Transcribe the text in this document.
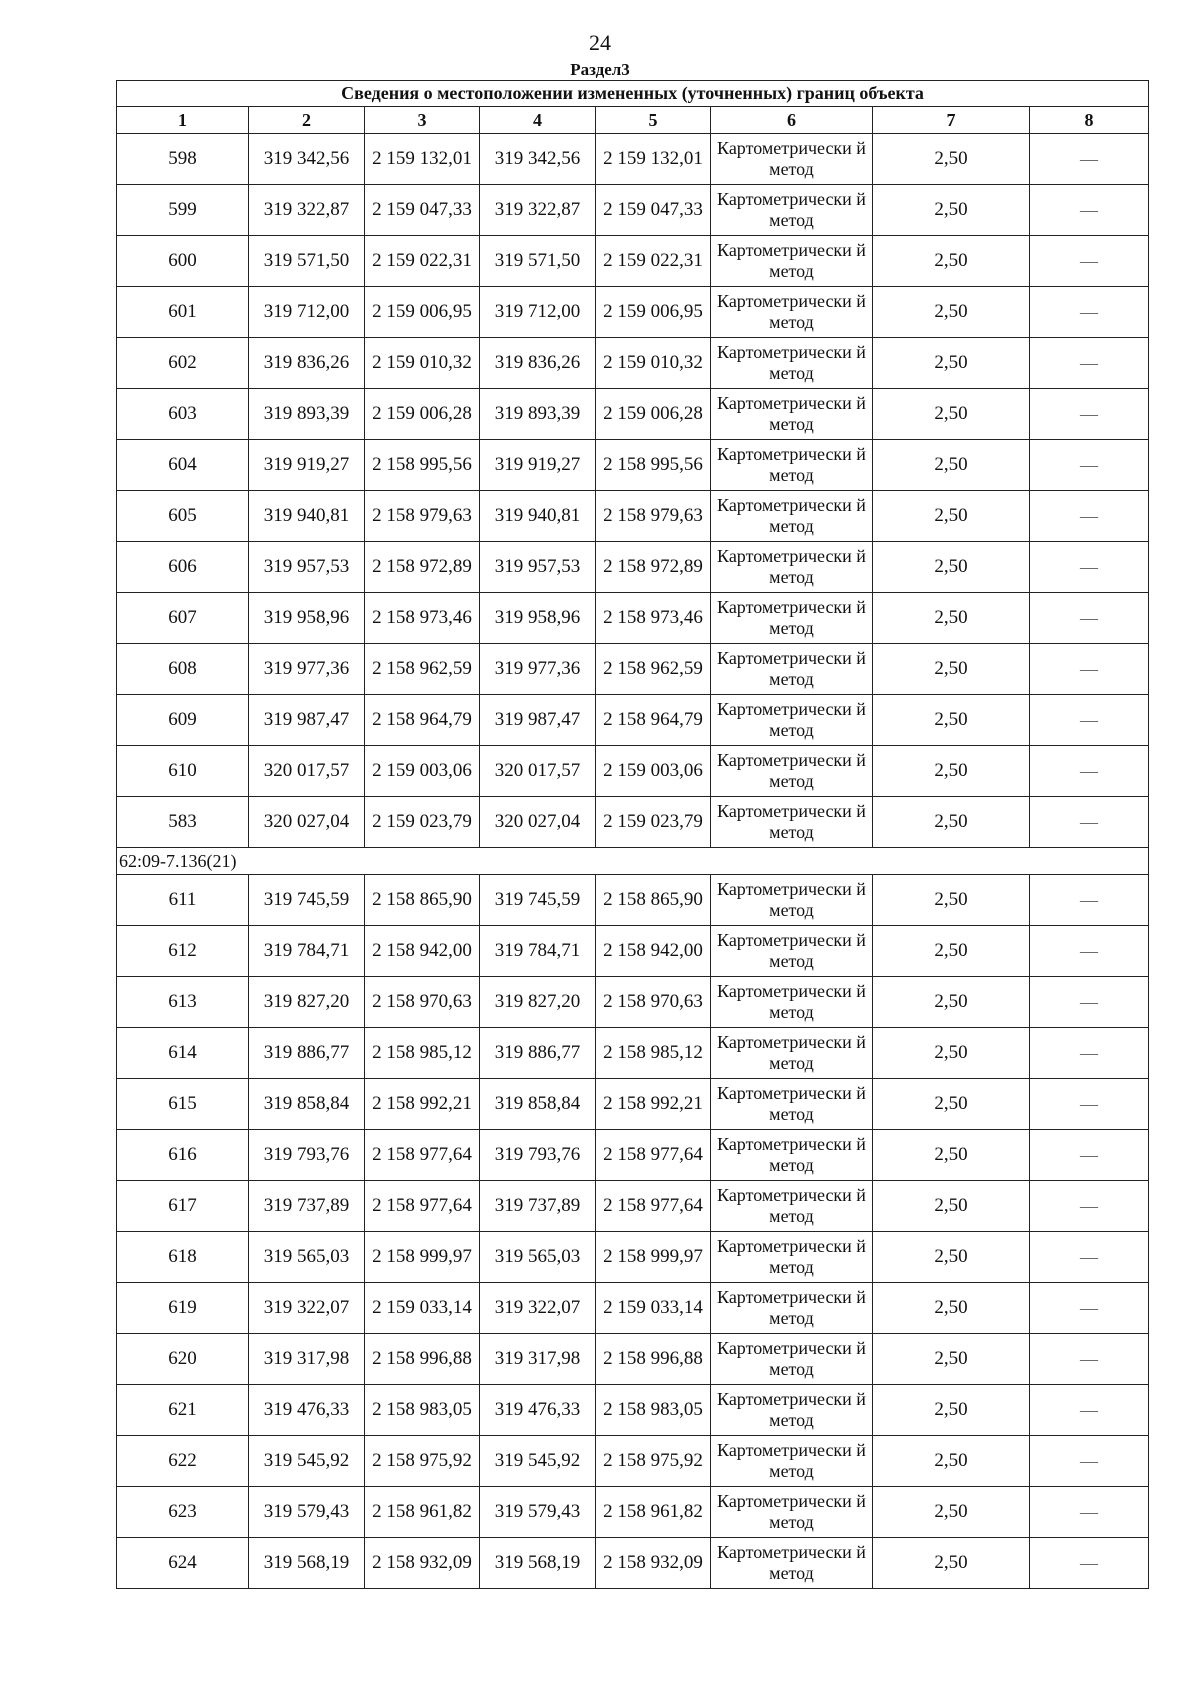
24
Раздел3
Сведения о местоположении измененных (уточненных) границ объекта							
1	2	3	4	5	6	7	8
598	319 342,56	2 159 132,01	319 342,56	2 159 132,01	Картометрически й метод	2,50	—
599	319 322,87	2 159 047,33	319 322,87	2 159 047,33	Картометрически й метод	2,50	—
600	319 571,50	2 159 022,31	319 571,50	2 159 022,31	Картометрически й метод	2,50	—
601	319 712,00	2 159 006,95	319 712,00	2 159 006,95	Картометрически й метод	2,50	—
602	319 836,26	2 159 010,32	319 836,26	2 159 010,32	Картометрически й метод	2,50	—
603	319 893,39	2 159 006,28	319 893,39	2 159 006,28	Картометрически й метод	2,50	—
604	319 919,27	2 158 995,56	319 919,27	2 158 995,56	Картометрически й метод	2,50	—
605	319 940,81	2 158 979,63	319 940,81	2 158 979,63	Картометрически й метод	2,50	—
606	319 957,53	2 158 972,89	319 957,53	2 158 972,89	Картометрически й метод	2,50	—
607	319 958,96	2 158 973,46	319 958,96	2 158 973,46	Картометрически й метод	2,50	—
608	319 977,36	2 158 962,59	319 977,36	2 158 962,59	Картометрически й метод	2,50	—
609	319 987,47	2 158 964,79	319 987,47	2 158 964,79	Картометрически й метод	2,50	—
610	320 017,57	2 159 003,06	320 017,57	2 159 003,06	Картометрически й метод	2,50	—
583	320 027,04	2 159 023,79	320 027,04	2 159 023,79	Картометрически й метод	2,50	—
62:09-7.136(21)							
611	319 745,59	2 158 865,90	319 745,59	2 158 865,90	Картометрически й метод	2,50	—
612	319 784,71	2 158 942,00	319 784,71	2 158 942,00	Картометрически й метод	2,50	—
613	319 827,20	2 158 970,63	319 827,20	2 158 970,63	Картометрически й метод	2,50	—
614	319 886,77	2 158 985,12	319 886,77	2 158 985,12	Картометрически й метод	2,50	—
615	319 858,84	2 158 992,21	319 858,84	2 158 992,21	Картометрически й метод	2,50	—
616	319 793,76	2 158 977,64	319 793,76	2 158 977,64	Картометрически й метод	2,50	—
617	319 737,89	2 158 977,64	319 737,89	2 158 977,64	Картометрически й метод	2,50	—
618	319 565,03	2 158 999,97	319 565,03	2 158 999,97	Картометрически й метод	2,50	—
619	319 322,07	2 159 033,14	319 322,07	2 159 033,14	Картометрически й метод	2,50	—
620	319 317,98	2 158 996,88	319 317,98	2 158 996,88	Картометрически й метод	2,50	—
621	319 476,33	2 158 983,05	319 476,33	2 158 983,05	Картометрически й метод	2,50	—
622	319 545,92	2 158 975,92	319 545,92	2 158 975,92	Картометрически й метод	2,50	—
623	319 579,43	2 158 961,82	319 579,43	2 158 961,82	Картометрически й метод	2,50	—
624	319 568,19	2 158 932,09	319 568,19	2 158 932,09	Картометрически й метод	2,50	—
